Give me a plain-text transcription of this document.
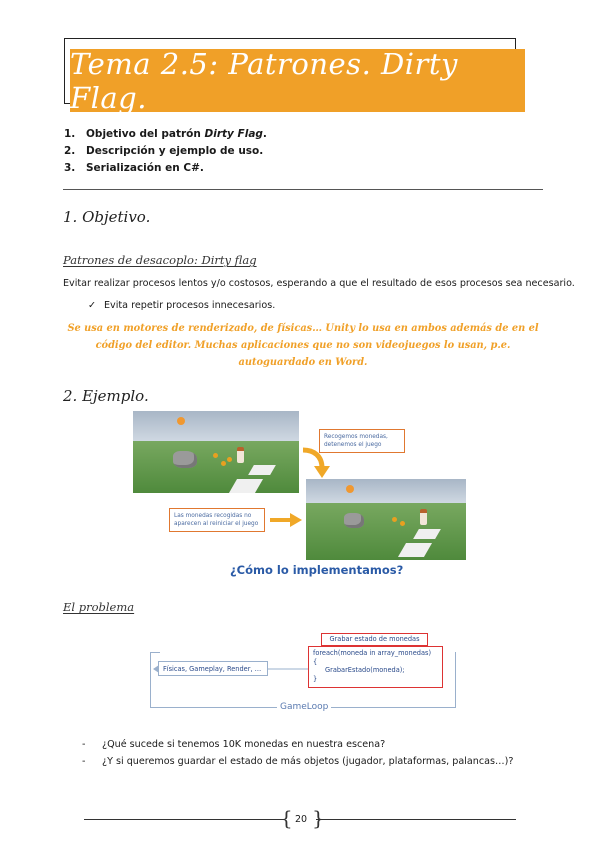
Tema 2.5: Patrones. Dirty Flag.
1. Objetivo del patrón Dirty Flag.
2. Descripción y ejemplo de uso.
3. Serialización en C#.
1. Objetivo.
Patrones de desacoplo: Dirty flag
Evitar realizar procesos lentos y/o costosos, esperando a que el resultado de esos procesos sea necesario.
✓ Evita repetir procesos innecesarios.
Se usa en motores de renderizado, de físicas… Unity lo usa en ambos además de en el código del editor. Muchas aplicaciones que no son videojuegos lo usan, p.e. autoguardado en Word.
2. Ejemplo.
Recogemos monedas, detenemos el juego
Las monedas recogidas no aparecen al reiniciar el juego
¿Cómo lo implementamos?
El problema
Físicas, Gameplay, Render, …
Grabar estado de monedas
foreach(moneda in array_monedas)
{
GrabarEstado(moneda);
}
GameLoop
- ¿Qué sucede si tenemos 10K monedas en nuestra escena?
- ¿Y si queremos guardar el estado de más objetos (jugador, plataformas, palancas…)?
{ }
20
